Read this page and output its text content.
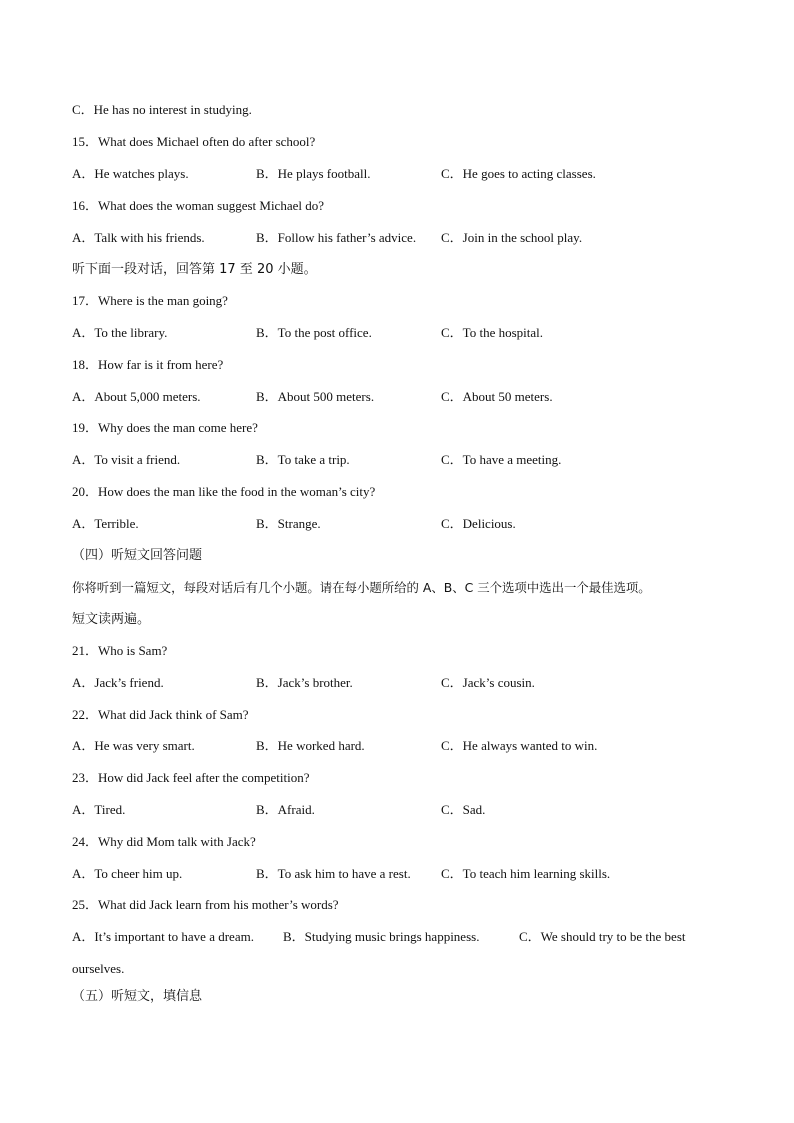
C．He has no interest in studying.
15．What does Michael often do after school?
A．He watches plays.	B．He plays football.	C．He goes to acting classes.
16．What does the woman suggest Michael do?
A．Talk with his friends.	B．Follow his father’s advice. C．Join in the school play.
听下面一段对话，回答第 17 至 20 小题。
17．Where is the man going?
A．To the library.	B．To the post office.	C．To the hospital.
18．How far is it from here?
A．About 5,000 meters.	B．About 500 meters.	C．About 50 meters.
19．Why does the man come here?
A．To visit a friend.	B．To take a trip.	C．To have a meeting.
20．How does the man like the food in the woman’s city?
A．Terrible.	B．Strange.	C．Delicious.
（四）听短文回答问题
你将听到一篇短文，每段对话后有几个小题。请在每小题所给的 A、B、C 三个选项中选出一个最佳选项。
短文读两遍。
21．Who is Sam?
A．Jack’s friend.	B．Jack’s brother.	C．Jack’s cousin.
22．What did Jack think of Sam?
A．He was very smart.	B．He worked hard.	C．He always wanted to win.
23．How did Jack feel after the competition?
A．Tired.	B．Afraid.	C．Sad.
24．Why did Mom talk with Jack?
A．To cheer him up.	B．To ask him to have a rest. C．To teach him learning skills.
25．What did Jack learn from his mother’s words?
A．It’s important to have a dream. B．Studying music brings happiness.	C．We should try to be the best
ourselves.
（五）听短文，填信息
